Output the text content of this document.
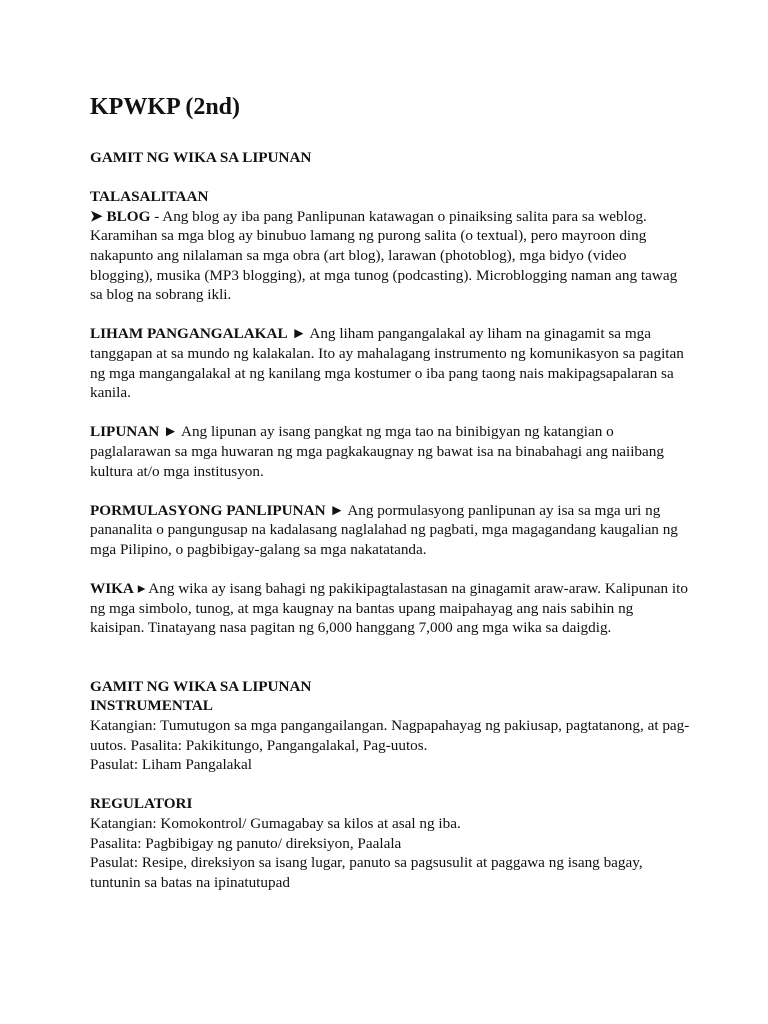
KPWKP (2nd)
GAMIT NG WIKA SA LIPUNAN
TALASALITAAN

➤ BLOG - Ang blog ay iba pang Panlipunan katawagan o pinaiksing salita para sa weblog. Karamihan sa mga blog ay binubuo lamang ng purong salita (o textual), pero mayroon ding nakapunto ang nilalaman sa mga obra (art blog), larawan (photoblog), mga bidyo (video blogging), musika (MP3 blogging), at mga tunog (podcasting). Microblogging naman ang tawag sa blog na sobrang ikli.

LIHAM PANGANGALAKAL ► Ang liham pangangalakal ay liham na ginagamit sa mga tanggapan at sa mundo ng kalakalan. Ito ay mahalagang instrumento ng komunikasyon sa pagitan ng mga mangangalakal at ng kanilang mga kostumer o iba pang taong nais makipagsapalaran sa kanila.

LIPUNAN ► Ang lipunan ay isang pangkat ng mga tao na binibigyan ng katangian o paglalarawan sa mga huwaran ng mga pagkakaugnay ng bawat isa na binabahagi ang naiibang kultura at/o mga institusyon.

PORMULASYONG PANLIPUNAN ► Ang pormulasyong panlipunan ay isa sa mga uri ng pananalita o pangungusap na kadalasang naglalahad ng pagbati, mga magagandang kaugalian ng mga Pilipino, o pagbibigay-galang sa mga nakatatanda.

WIKA ▸ Ang wika ay isang bahagi ng pakikipagtalastasan na ginagamit araw-araw. Kalipunan ito ng mga simbolo, tunog, at mga kaugnay na bantas upang maipahayag ang nais sabihin ng kaisipan. Tinatayang nasa pagitan ng 6,000 hanggang 7,000 ang mga wika sa daigdig.

GAMIT NG WIKA SA LIPUNAN
INSTRUMENTAL

Katangian: Tumutugon sa mga pangangailangan. Nagpapahayag ng pakiusap, pagtatanong, at pag- uutos. Pasalita: Pakikitungo, Pangangalakal, Pag-uutos.

Pasulat: Liham Pangalakal

REGULATORI

Katangian: Komokontrol/ Gumagabay sa kilos at asal ng iba.

Pasalita: Pagbibigay ng panuto/ direksiyon, Paalala

Pasulat: Resipe, direksiyon sa isang lugar, panuto sa pagsusulit at paggawa ng isang bagay, tuntunin sa batas na ipinatutupad
